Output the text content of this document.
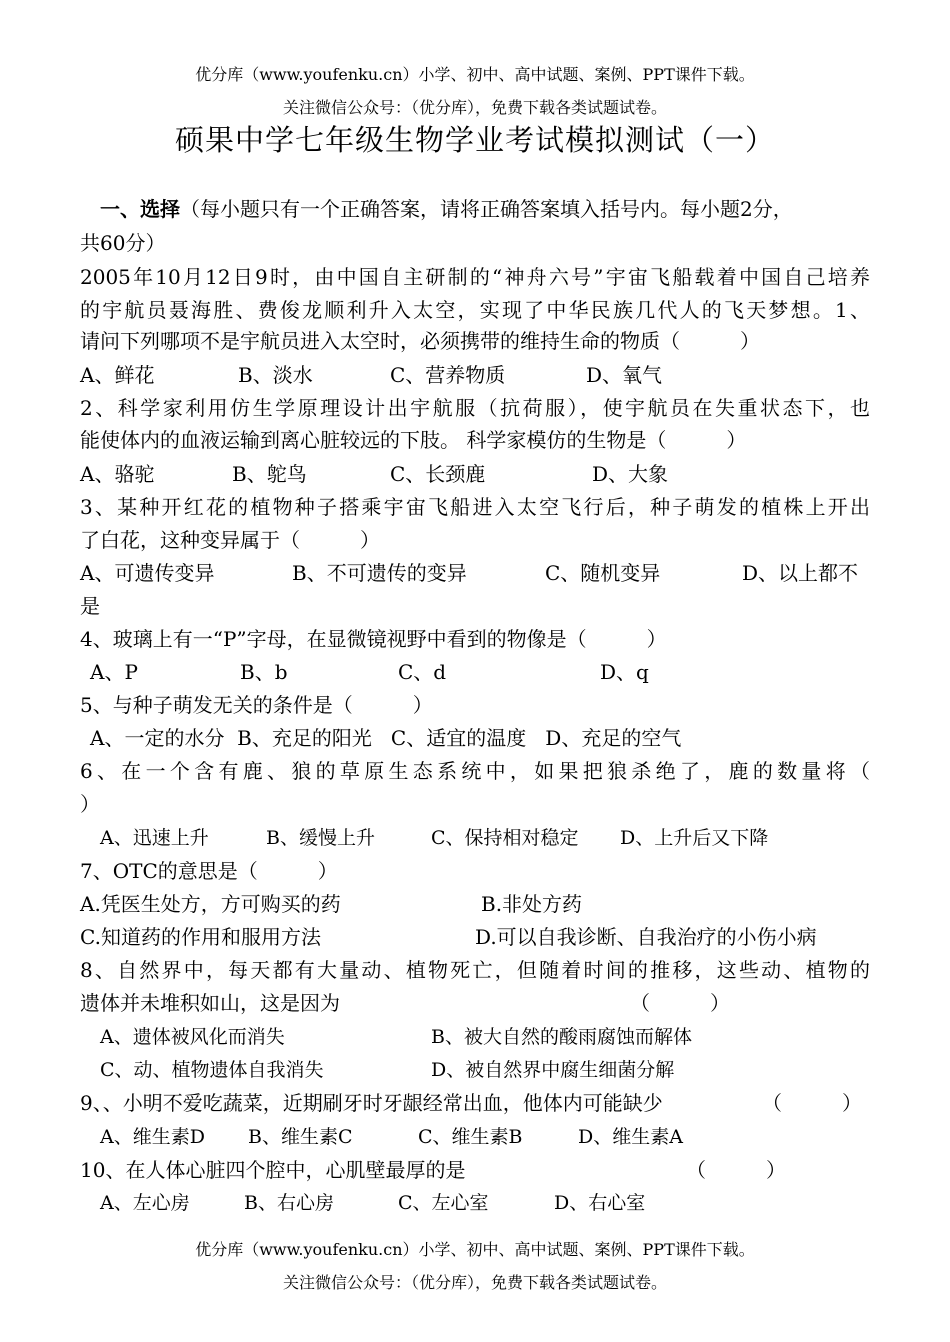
优分库（www.youfenku.cn）小学、初中、高中试题、案例、PPT课件下载。
关注微信公众号：（优分库），免费下载各类试题试卷。
硕果中学七年级生物学业考试模拟测试（一）
一、选择（每小题只有一个正确答案，请将正确答案填入括号内。每小题2分，
共60分）
2005年10月12日9时，由中国自主研制的“神舟六号”宇宙飞船载着中国自己培养
的宇航员聂海胜、费俊龙顺利升入太空，实现了中华民族几代人的飞天梦想。1、
请问下列哪项不是宇航员进入太空时，必须携带的维持生命的物质（　　　）
A、鲜花	B、淡水	C、营养物质	D、氧气
2、科学家利用仿生学原理设计出宇航服（抗荷服），使宇航员在失重状态下，也
能使体内的血液运输到离心脏较远的下肢。 科学家模仿的生物是（　　　）
A、骆驼	B、鸵鸟	C、长颈鹿	D、大象
3、某种开红花的植物种子搭乘宇宙飞船进入太空飞行后，种子萌发的植株上开出
了白花，这种变异属于（　　　）
A、可遗传变异	B、不可遗传的变异	C、随机变异	D、以上都不
是
4、玻璃上有一“P”字母，在显微镜视野中看到的物像是（　　　）
A、P	B、b	C、d	D、q
5、与种子萌发无关的条件是（　　　）
A、一定的水分  B、充足的阳光   C、适宜的温度   D、充足的空气
6、在一个含有鹿、狼的草原生态系统中，如果把狼杀绝了，鹿的数量将（
）
A、迅速上升	B、缓慢上升	C、保持相对稳定 D、上升后又下降
7、OTC的意思是（　　　）
A.凭医生处方，方可购买的药	B.非处方药
C.知道药的作用和服用方法	D.可以自我诊断、自我治疗的小伤小病
8、自然界中，每天都有大量动、植物死亡，但随着时间的推移，这些动、植物的
遗体并未堆积如山，这是因为	（　　　）
A、遗体被风化而消失	B、被大自然的酸雨腐蚀而解体
C、动、植物遗体自我消失	D、被自然界中腐生细菌分解
9、、小明不爱吃蔬菜，近期刷牙时牙龈经常出血，他体内可能缺少	（　　　）
A、维生素D B、维生素C	C、维生素B	D、维生素A
10、在人体心脏四个腔中，心肌壁最厚的是	（　　　）
A、左心房	B、右心房	C、左心室	D、右心室
优分库（www.youfenku.cn）小学、初中、高中试题、案例、PPT课件下载。
关注微信公众号：（优分库），免费下载各类试题试卷。
